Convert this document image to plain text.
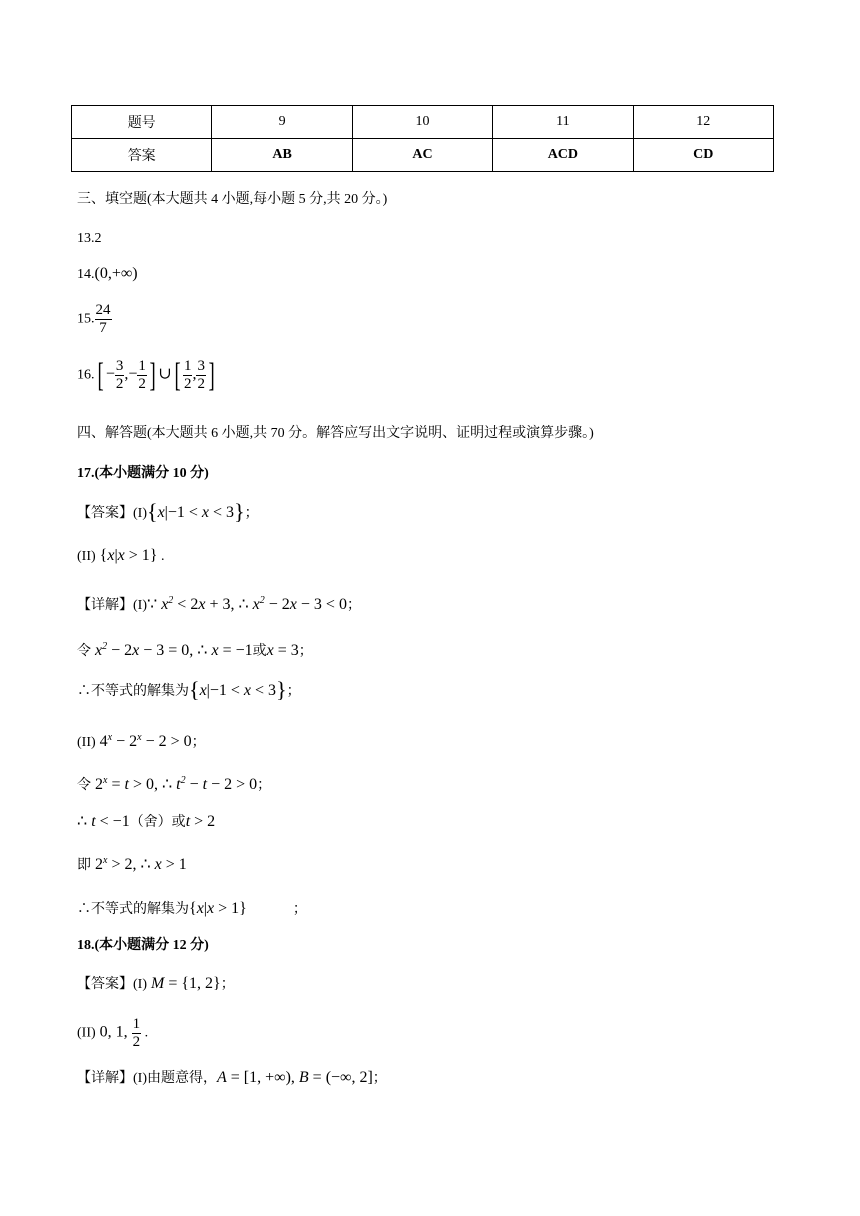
题号	9	10	11	12
答案	AB	AC	ACD	CD
三、填空题(本大题共 4 小题,每小题 5 分,共 20 分。)
13.2
14.(0,+∞)
15. $\frac{24}{7}$
$16.[ - \frac{3}{2}$ ,− $\frac{1}{2}$ ] ∪[ $\frac{1}{2}$ , $\frac{3}{2}$ ]
四、解答题(本大题共 6 小题,共 70 分。解答应写出文字说明、证明过程或演算步骤。)
17.(本小题满分 10 分)
【答案】(I){x|−1 < x < 3}；
(II) {x|x > 1} .
【详解】(I)∵ $x^2 < 2x + 3$, ∴ $x^2 - 2x - 3 < 0$；
令 $x^2 - 2x - 3 = 0$, ∴ x = −1或x = 3；
∴不等式的解集为{x|−1 < x < 3}；
(II) $4^x - 2^x - 2 > 0$；
令 $2^x = t > 0$, ∴ $t^2 - t - 2 > 0$；
∴ t < −1（舍）或t > 2
即 $2^x > 2$, ∴ x > 1
∴不等式的解集为{x|x > 1}	；
18.(本小题满分 12 分)
【答案】(I) M = {1, 2}；
(II) 0, 1, $\frac{1}{2}$ .
【详解】(I)由题意得，A = [1, +∞), B = (−∞, 2]；
